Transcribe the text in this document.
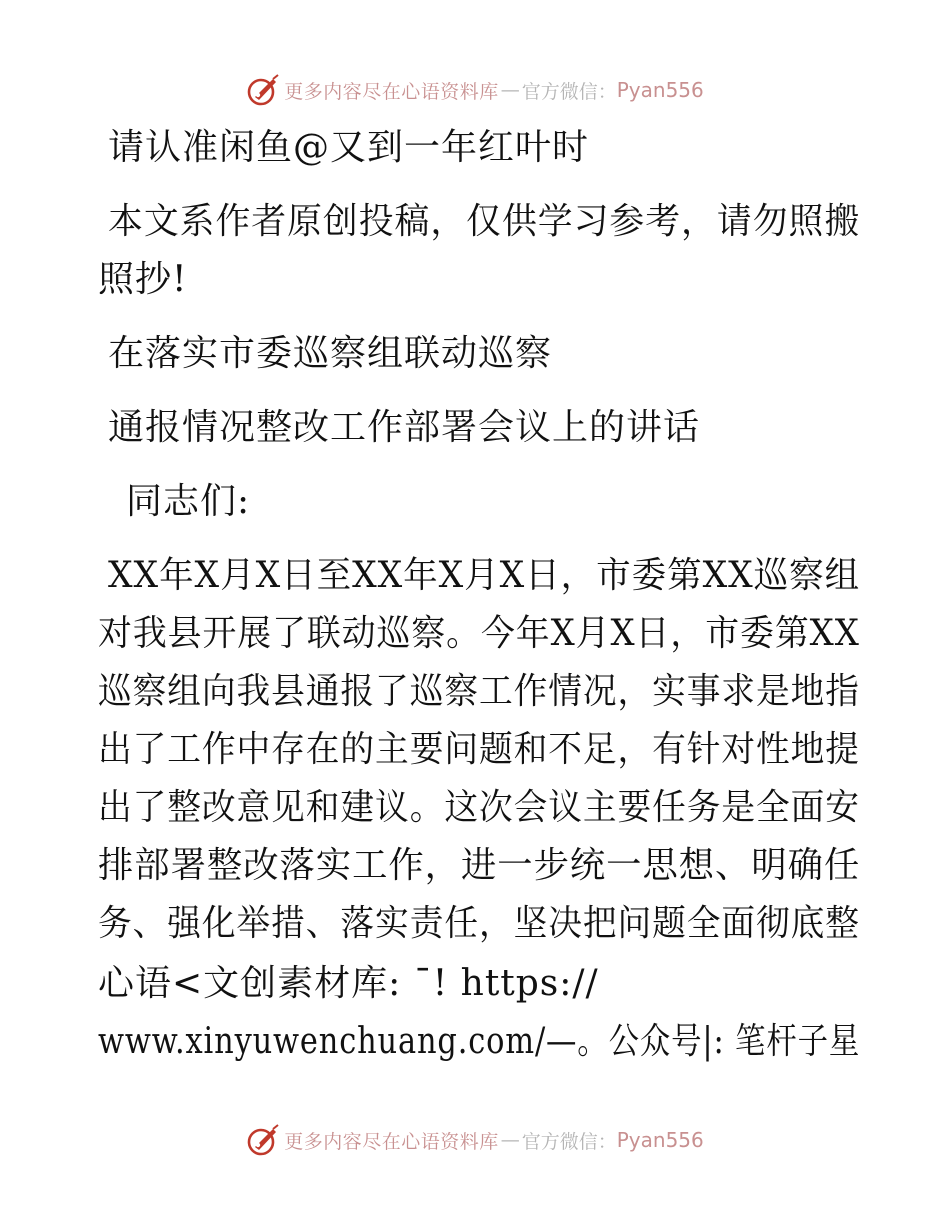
更多内容尽在心语资料库 — 官方微信： Pyan556
请认准闲鱼@又到一年红叶时
本文系作者原创投稿，仅供学习参考，请勿照搬
照抄!
在落实市委巡察组联动巡察
通报情况整改工作部署会议上的讲话
同志们:
XX年X月X日至XX年X月X日，市委第XX巡察组
对我县开展了联动巡察。今年X月X日，市委第XX
巡察组向我县通报了巡察工作情况，实事求是地指
出了工作中存在的主要问题和不足，有针对性地提
出了整改意见和建议。这次会议主要任务是全面安
排部署整改落实工作，进一步统一思想、明确任
务、强化举措、落实责任，坚决把问题全面彻底整
心语<文创素材库: ¯! https://
www.xinyuwenchuang.com/—。公众号|: 笔杆子星
更多内容尽在心语资料库 — 官方微信： Pyan556
